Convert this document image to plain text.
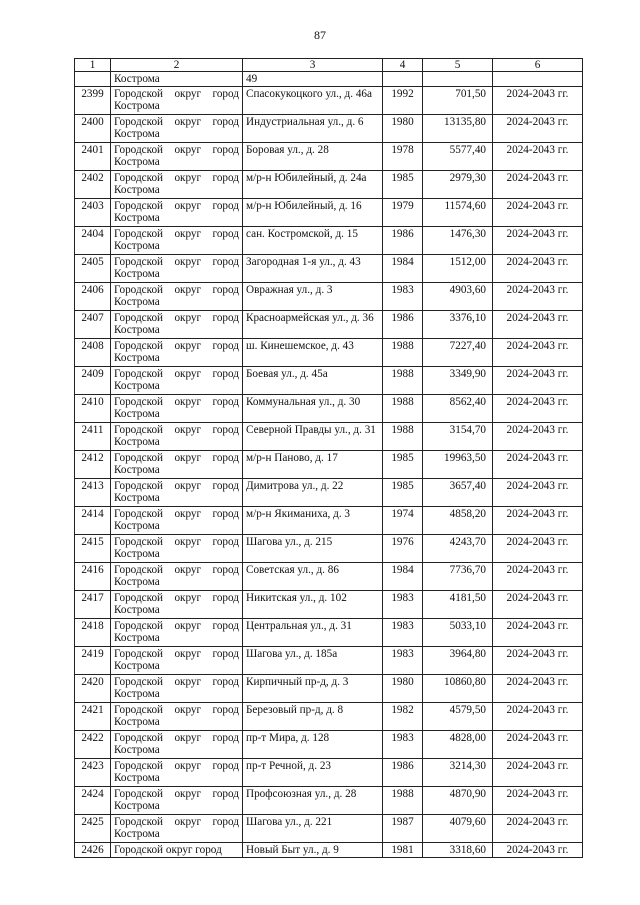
87
1	2	3	4	5	6
	Кострома	49			
2399	Городской округ город Кострома	Спасокукоцкого ул., д. 46а	1992	701,50	2024-2043 гг.
2400	Городской округ город Кострома	Индустриальная ул., д. 6	1980	13135,80	2024-2043 гг.
2401	Городской округ город Кострома	Боровая ул., д. 28	1978	5577,40	2024-2043 гг.
2402	Городской округ город Кострома	м/р-н Юбилейный, д. 24а	1985	2979,30	2024-2043 гг.
2403	Городской округ город Кострома	м/р-н Юбилейный, д. 16	1979	11574,60	2024-2043 гг.
2404	Городской округ город Кострома	сан. Костромской, д. 15	1986	1476,30	2024-2043 гг.
2405	Городской округ город Кострома	Загородная 1-я ул., д. 43	1984	1512,00	2024-2043 гг.
2406	Городской округ город Кострома	Овражная ул., д. 3	1983	4903,60	2024-2043 гг.
2407	Городской округ город Кострома	Красноармейская ул., д. 36	1986	3376,10	2024-2043 гг.
2408	Городской округ город Кострома	ш. Кинешемское, д. 43	1988	7227,40	2024-2043 гг.
2409	Городской округ город Кострома	Боевая ул., д. 45а	1988	3349,90	2024-2043 гг.
2410	Городской округ город Кострома	Коммунальная ул., д. 30	1988	8562,40	2024-2043 гг.
2411	Городской округ город Кострома	Северной Правды ул., д. 31	1988	3154,70	2024-2043 гг.
2412	Городской округ город Кострома	м/р-н Паново, д. 17	1985	19963,50	2024-2043 гг.
2413	Городской округ город Кострома	Димитрова ул., д. 22	1985	3657,40	2024-2043 гг.
2414	Городской округ город Кострома	м/р-н Якиманиха, д. 3	1974	4858,20	2024-2043 гг.
2415	Городской округ город Кострома	Шагова ул., д. 215	1976	4243,70	2024-2043 гг.
2416	Городской округ город Кострома	Советская ул., д. 86	1984	7736,70	2024-2043 гг.
2417	Городской округ город Кострома	Никитская ул., д. 102	1983	4181,50	2024-2043 гг.
2418	Городской округ город Кострома	Центральная ул., д. 31	1983	5033,10	2024-2043 гг.
2419	Городской округ город Кострома	Шагова ул., д. 185а	1983	3964,80	2024-2043 гг.
2420	Городской округ город Кострома	Кирпичный пр-д, д. 3	1980	10860,80	2024-2043 гг.
2421	Городской округ город Кострома	Березовый пр-д, д. 8	1982	4579,50	2024-2043 гг.
2422	Городской округ город Кострома	пр-т Мира, д. 128	1983	4828,00	2024-2043 гг.
2423	Городской округ город Кострома	пр-т Речной, д. 23	1986	3214,30	2024-2043 гг.
2424	Городской округ город Кострома	Профсоюзная ул., д. 28	1988	4870,90	2024-2043 гг.
2425	Городской округ город Кострома	Шагова ул., д. 221	1987	4079,60	2024-2043 гг.
2426	Городской округ город	Новый Быт ул., д. 9	1981	3318,60	2024-2043 гг.
